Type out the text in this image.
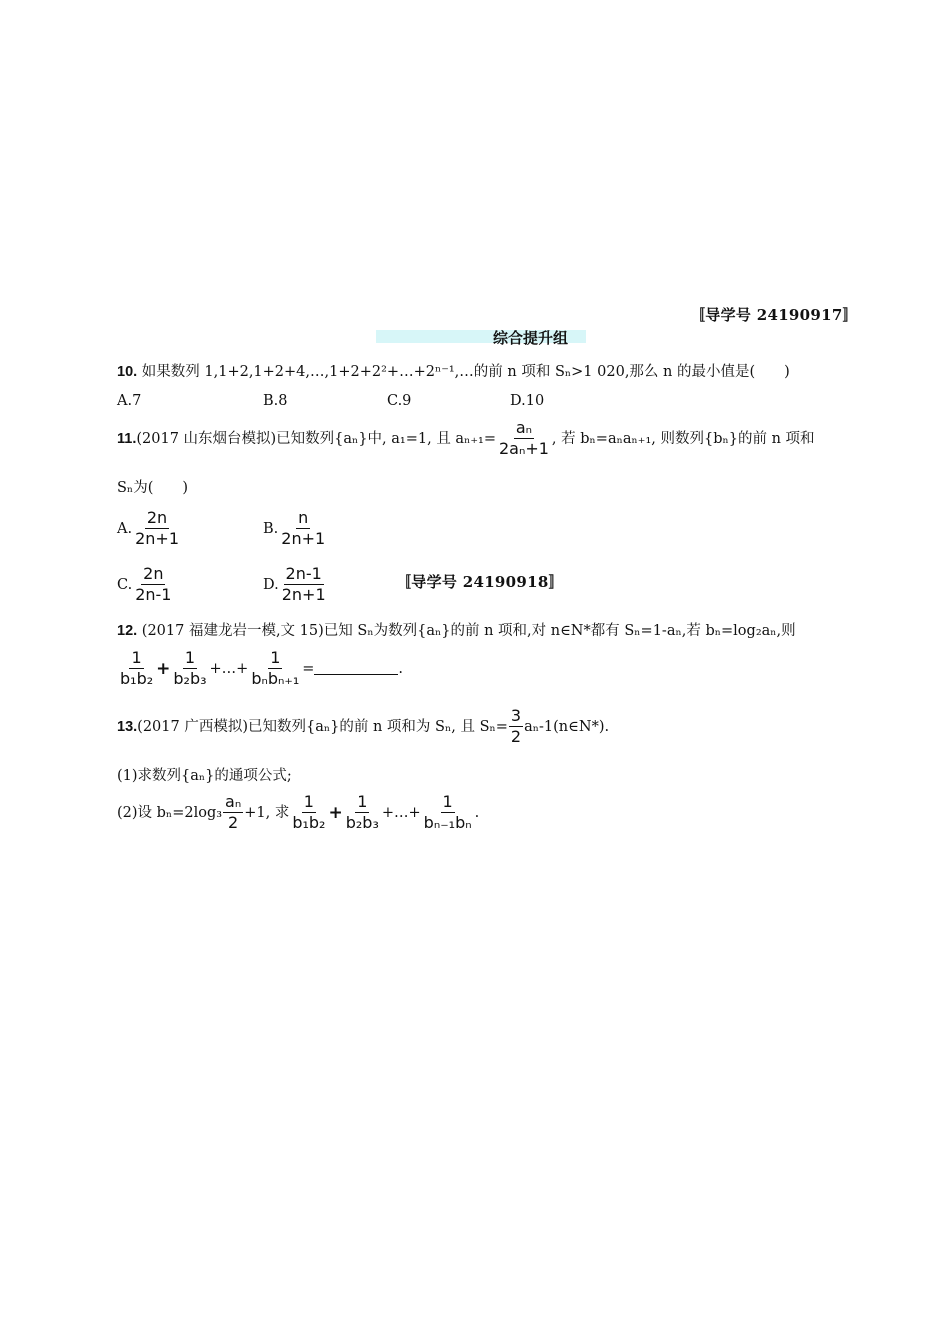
〚导学号 24190917〛
综合提升组
10. 如果数列 1,1+2,1+2+4,…,1+2+2²+…+2ⁿ⁻¹,…的前 n 项和 Sₙ>1 020,那么 n 的最小值是(　　)
A.7	B.8	C.9	D.10
11. (2017 山东烟台模拟)已知数列{aₙ}中, a₁=1, 且 $a_{n+1}= \frac{\text{aₙ}}{\text{2aₙ+1}}$ , 若 bₙ=aₙaₙ₊₁, 则数列{bₙ}的前 n 项和
Sₙ为(　　)
A. $\frac{2n}{2n+1}$	B. $\frac{n}{2n+1}$
C. $\frac{2n}{2n-1}$	D. $\frac{2n-1}{2n+1}$	〚导学号 24190918〛
12. (2017 福建龙岩一模,文 15)已知 Sₙ为数列{aₙ}的前 n 项和,对 n∈N*都有 Sₙ=1-aₙ,若 bₙ=log₂aₙ,则
$\frac{1}{\text{b₁b₂}} + \frac{1}{\text{b₂b₃}}$ +…+ $\frac{1}{\text{bₙbₙ₊₁}}$ =	.
13. (2017 广西模拟)已知数列{aₙ}的前 n 项和为 Sₙ, 且 $S_n= \frac{3}{2}$ aₙ-1(n∈N*).
(1)求数列{aₙ}的通项公式;
(2)设 $b_n=2\log_3 \frac{\text{aₙ}}{2} +1$, 求 $\frac{1}{\text{b₁b₂}} + \frac{1}{\text{b₂b₃}}$ +…+ $\frac{1}{\text{bₙ₋₁bₙ}}$ .
